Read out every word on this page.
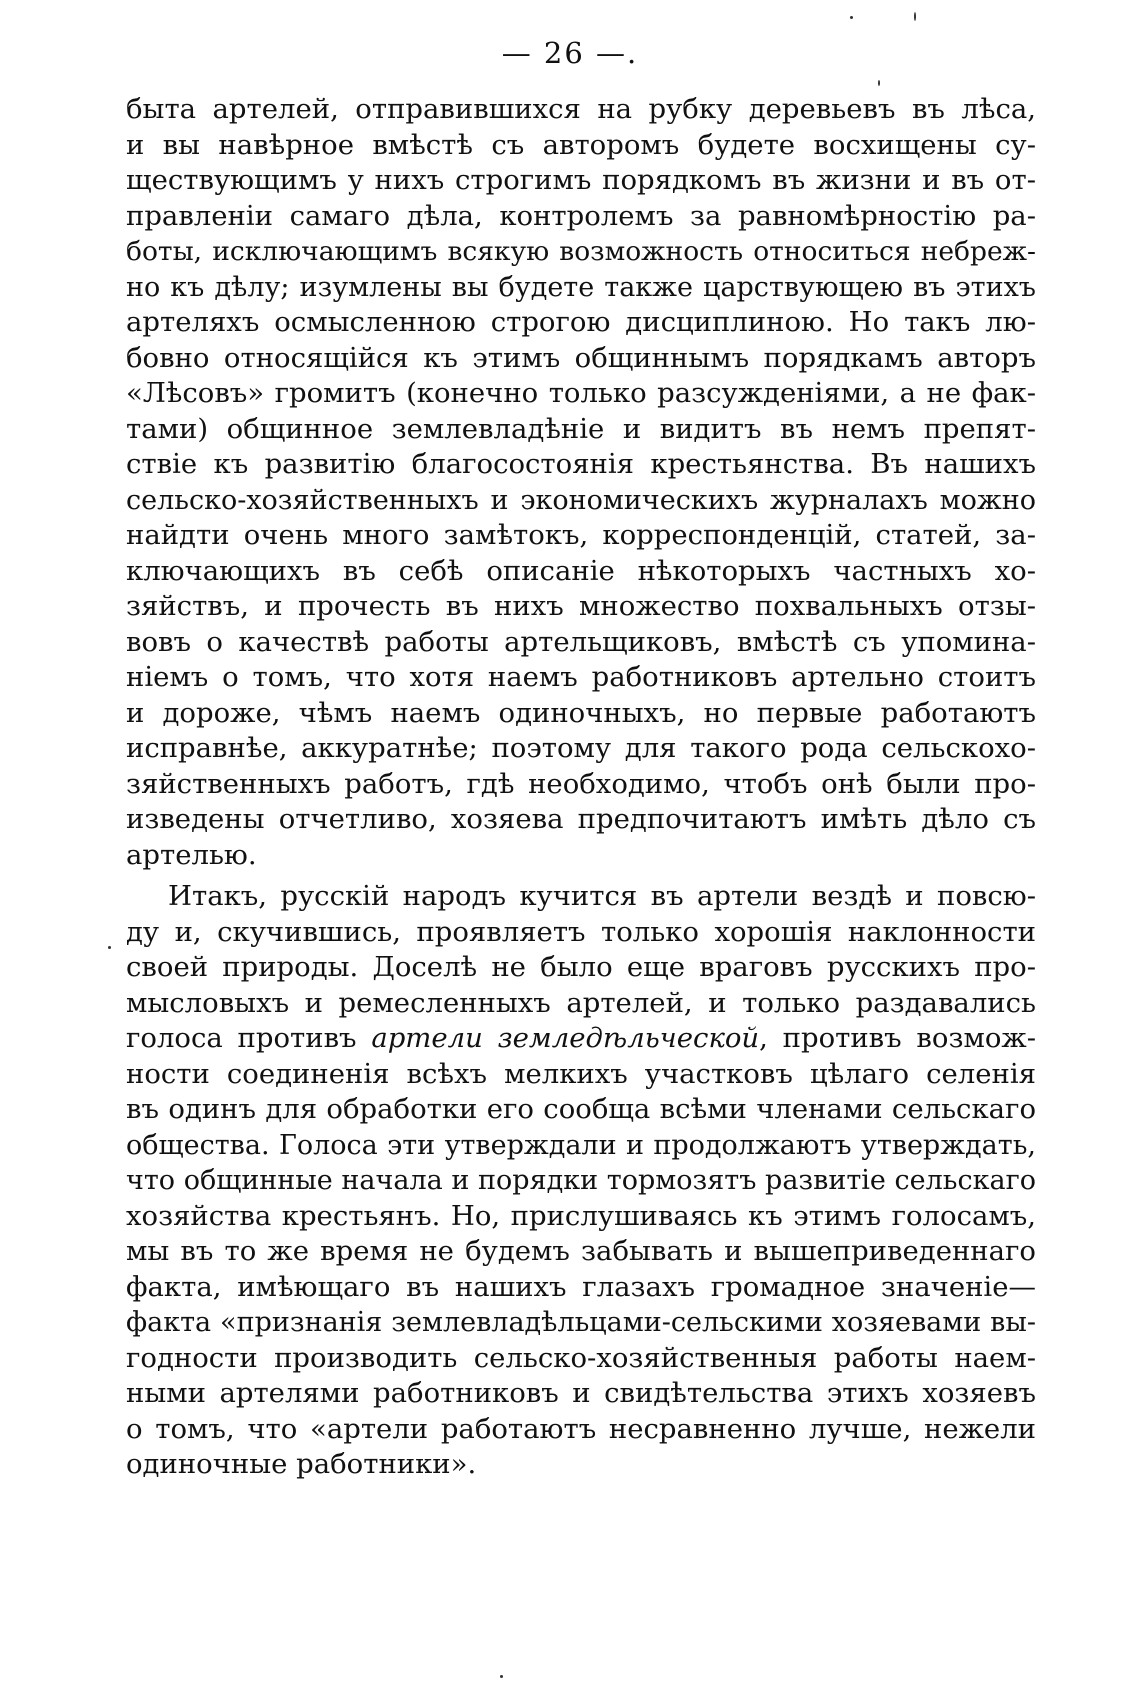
— 26 —.
быта артелей, отправившихся на рубку деревьевъ въ лѣса,
и вы навѣрное вмѣстѣ съ авторомъ будете восхищены су-
ществующимъ у нихъ строгимъ порядкомъ въ жизни и въ от-
правленіи самаго дѣла, контролемъ за равномѣрностію ра-
боты, исключающимъ всякую возможность относиться небреж-
но къ дѣлу; изумлены вы будете также царствующею въ этихъ
артеляхъ осмысленною строгою дисциплиною. Но такъ лю-
бовно относящійся къ этимъ общиннымъ порядкамъ авторъ
«Лѣсовъ» громитъ (конечно только разсужденіями, а не фак-
тами) общинное землевладѣніе и видитъ въ немъ препят-
ствіе къ развитію благосостоянія крестьянства. Въ нашихъ
сельско-хозяйственныхъ и экономическихъ журналахъ можно
найдти очень много замѣтокъ, корреспонденцій, статей, за-
ключающихъ въ себѣ описаніе нѣкоторыхъ частныхъ хо-
зяйствъ, и прочесть въ нихъ множество похвальныхъ отзы-
вовъ о качествѣ работы артельщиковъ, вмѣстѣ съ упомина-
ніемъ о томъ, что хотя наемъ работниковъ артельно стоитъ
и дороже, чѣмъ наемъ одиночныхъ, но первые работаютъ
исправнѣе, аккуратнѣе; поэтому для такого рода сельскохо-
зяйственныхъ работъ, гдѣ необходимо, чтобъ онѣ были про-
изведены отчетливо, хозяева предпочитаютъ имѣть дѣло съ
артелью.
Итакъ, русскій народъ кучится въ артели вездѣ и повсю-
ду и, скучившись, проявляетъ только хорошія наклонности
своей природы. Доселѣ не было еще враговъ русскихъ про-
мысловыхъ и ремесленныхъ артелей, и только раздавались
голоса противъ артели земледѣльческой, противъ возмож-
ности соединенія всѣхъ мелкихъ участковъ цѣлаго селенія
въ одинъ для обработки его сообща всѣми членами сельскаго
общества. Голоса эти утверждали и продолжаютъ утверждать,
что общинные начала и порядки тормозятъ развитіе сельскаго
хозяйства крестьянъ. Но, прислушиваясь къ этимъ голосамъ,
мы въ то же время не будемъ забывать и вышеприведеннаго
факта, имѣющаго въ нашихъ глазахъ громадное значеніе—
факта «признанія землевладѣльцами-сельскими хозяевами вы-
годности производить сельско-хозяйственныя работы наем-
ными артелями работниковъ и свидѣтельства этихъ хозяевъ
о томъ, что «артели работаютъ несравненно лучше, нежели
одиночные работники».
